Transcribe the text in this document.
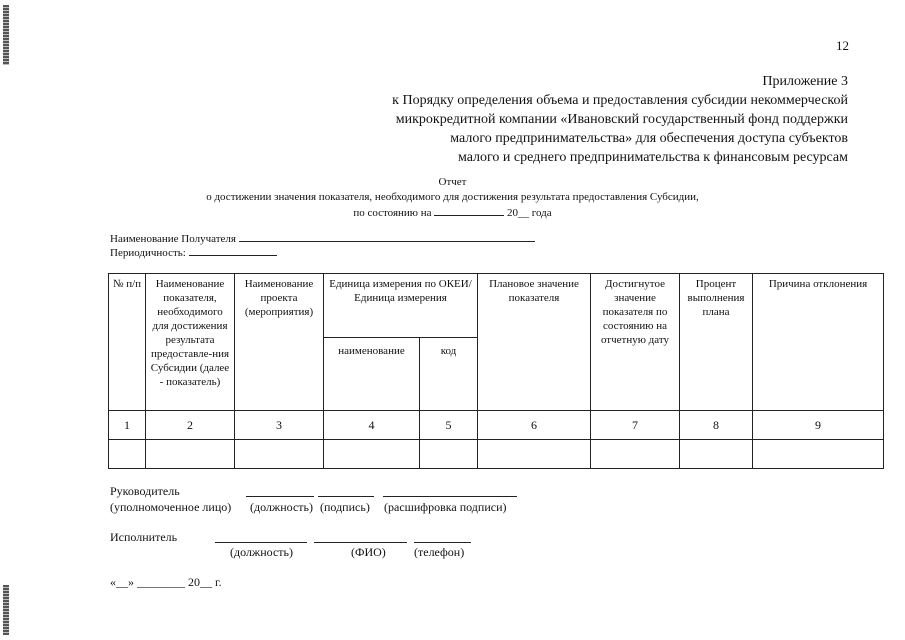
12
Приложение 3
к Порядку определения объема и предоставления субсидии некоммерческой
микрокредитной компании «Ивановский государственный фонд поддержки
малого предпринимательства» для обеспечения доступа субъектов
малого и среднего предпринимательства к финансовым ресурсам
Отчет
о достижении значения показателя, необходимого для достижения результата предоставления Субсидии,
по состоянию на	20__ года
Наименование Получателя
Периодичность:
№ п/п	Наименование показателя, необходимого для достижения результата предоставле-ния Субсидии (далее - показатель)	Наименование проекта (мероприятия)	Единица измерения по ОКЕИ/Единица измерения		Плановое значение показателя	Достигнутое значение показателя по состоянию на отчетную дату	Процент выполнения плана	Причина отклонения
			наименование	код				
1	2	3	4	5	6	7	8	9

Руководитель
(уполномоченное лицо) (должность) (подпись) (расшифровка подписи)
Исполнитель
(должность)	(ФИО) (телефон)
«__» ________ 20__ г.
